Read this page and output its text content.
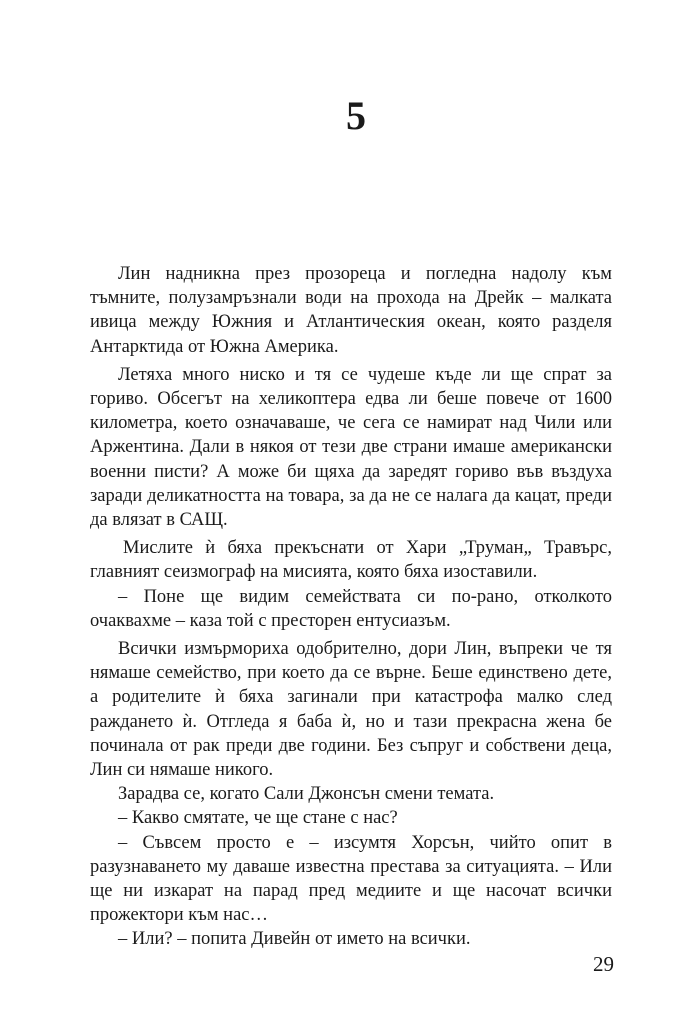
5

Лин надникна през прозореца и погледна надолу към тъмните, полузамръзнали води на прохода на Дрейк – малката ивица между Южния и Атлантическия океан, която разделя Антарктида от Южна Америка.

Летяха много ниско и тя се чудеше къде ли ще спрат за гориво. Обсегът на хеликоптера едва ли беше повече от 1600 километра, което означаваше, че сега се намират над Чили или Аржентина. Дали в някоя от тези две страни имаше американски военни писти? А може би щяха да заредят гориво във въздуха заради деликатността на товара, за да не се налага да кацат, преди да влязат в САЩ.

Мислите ѝ бяха прекъснати от Хари „Труман„ Травърс, главният сеизмограф на мисията, която бяха изоставили.

– Поне ще видим семействата си по-рано, отколкото очаквахме – каза той с престорен ентусиазъм.

Всички измърмориха одобрително, дори Лин, въпреки че тя нямаше семейство, при което да се върне. Беше единствено дете, а родителите ѝ бяха загинали при катастрофа малко след раждането ѝ. Отгледа я баба ѝ, но и тази прекрасна жена бе починала от рак преди две години. Без съпруг и собствени деца, Лин си нямаше никого.

Зарадва се, когато Сали Джонсън смени темата.

– Какво смятате, че ще стане с нас?

– Съвсем просто е – изсумтя Хорсън, чийто опит в разузнаването му даваше известна престава за ситуацията. – Или ще ни изкарат на парад пред медиите и ще насочат всички прожектори към нас…

– Или? – попита Дивейн от името на всички.

29
